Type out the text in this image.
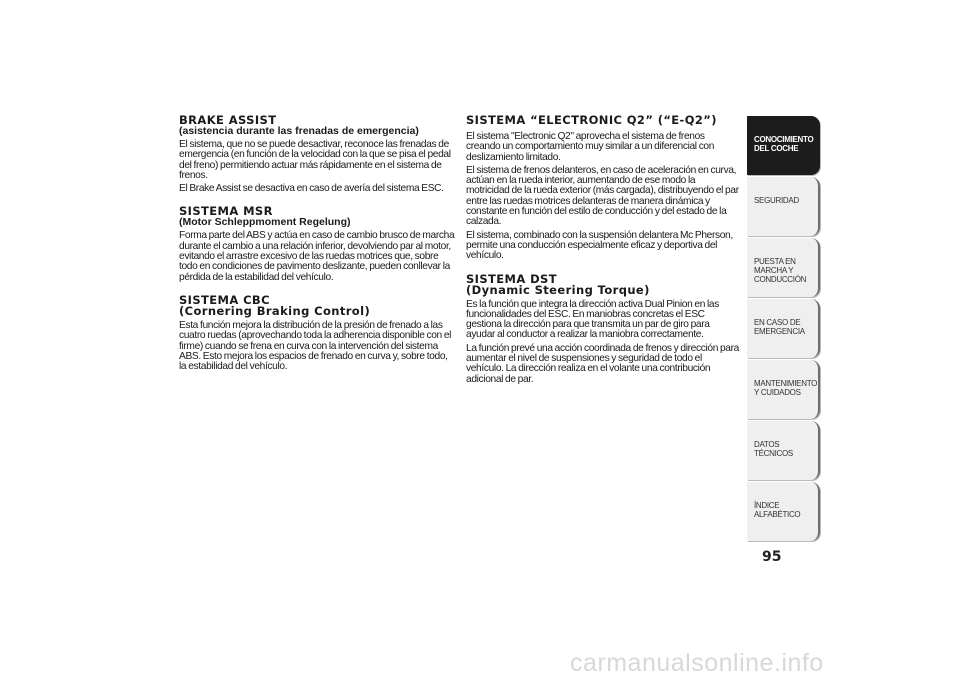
BRAKE ASSIST
(asistencia durante las frenadas de emergencia)

El sistema, que no se puede desactivar, reconoce las frenadas de emergencia (en función de la velocidad con la que se pisa el pedal del freno) permitiendo actuar más rápidamente en el sistema de frenos.

El Brake Assist se desactiva en caso de avería del sistema ESC.

SISTEMA MSR
(Motor Schleppmoment Regelung)

Forma parte del ABS y actúa en caso de cambio brusco de marcha durante el cambio a una relación inferior, devolviendo par al motor, evitando el arrastre excesivo de las ruedas motrices que, sobre todo en condiciones de pavimento deslizante, pueden conllevar la pérdida de la estabilidad del vehículo.

SISTEMA CBC
(Cornering Braking Control)

Esta función mejora la distribución de la presión de frenado a las cuatro ruedas (aprovechando toda la adherencia disponible con el firme) cuando se frena en curva con la intervención del sistema ABS. Esto mejora los espacios de frenado en curva y, sobre todo, la estabilidad del vehículo.

SISTEMA “ELECTRONIC Q2” (“E-Q2”)

El sistema "Electronic Q2" aprovecha el sistema de frenos creando un comportamiento muy similar a un diferencial con deslizamiento limitado.

El sistema de frenos delanteros, en caso de aceleración en curva, actúan en la rueda interior, aumentando de ese modo la motricidad de la rueda exterior (más cargada), distribuyendo el par entre las ruedas motrices delanteras de manera dinámica y constante en función del estilo de conducción y del estado de la calzada.

El sistema, combinado con la suspensión delantera Mc Pherson, permite una conducción especialmente eficaz y deportiva del vehículo.

SISTEMA DST
(Dynamic Steering Torque)

Es la función que integra la dirección activa Dual Pinion en las funcionalidades del ESC. En maniobras concretas el ESC gestiona la dirección para que transmita un par de giro para ayudar al conductor a realizar la maniobra correctamente.

La función prevé una acción coordinada de frenos y dirección para aumentar el nivel de suspensiones y seguridad de todo el vehículo. La dirección realiza en el volante una contribución adicional de par.

CONOCIMIENTO DEL COCHE
SEGURIDAD
PUESTA EN MARCHA Y CONDUCCIÓN
EN CASO DE EMERGENCIA
MANTENIMIENTO Y CUIDADOS
DATOS TÉCNICOS
ÍNDICE ALFABÉTICO
95
carmanualsonline.info
